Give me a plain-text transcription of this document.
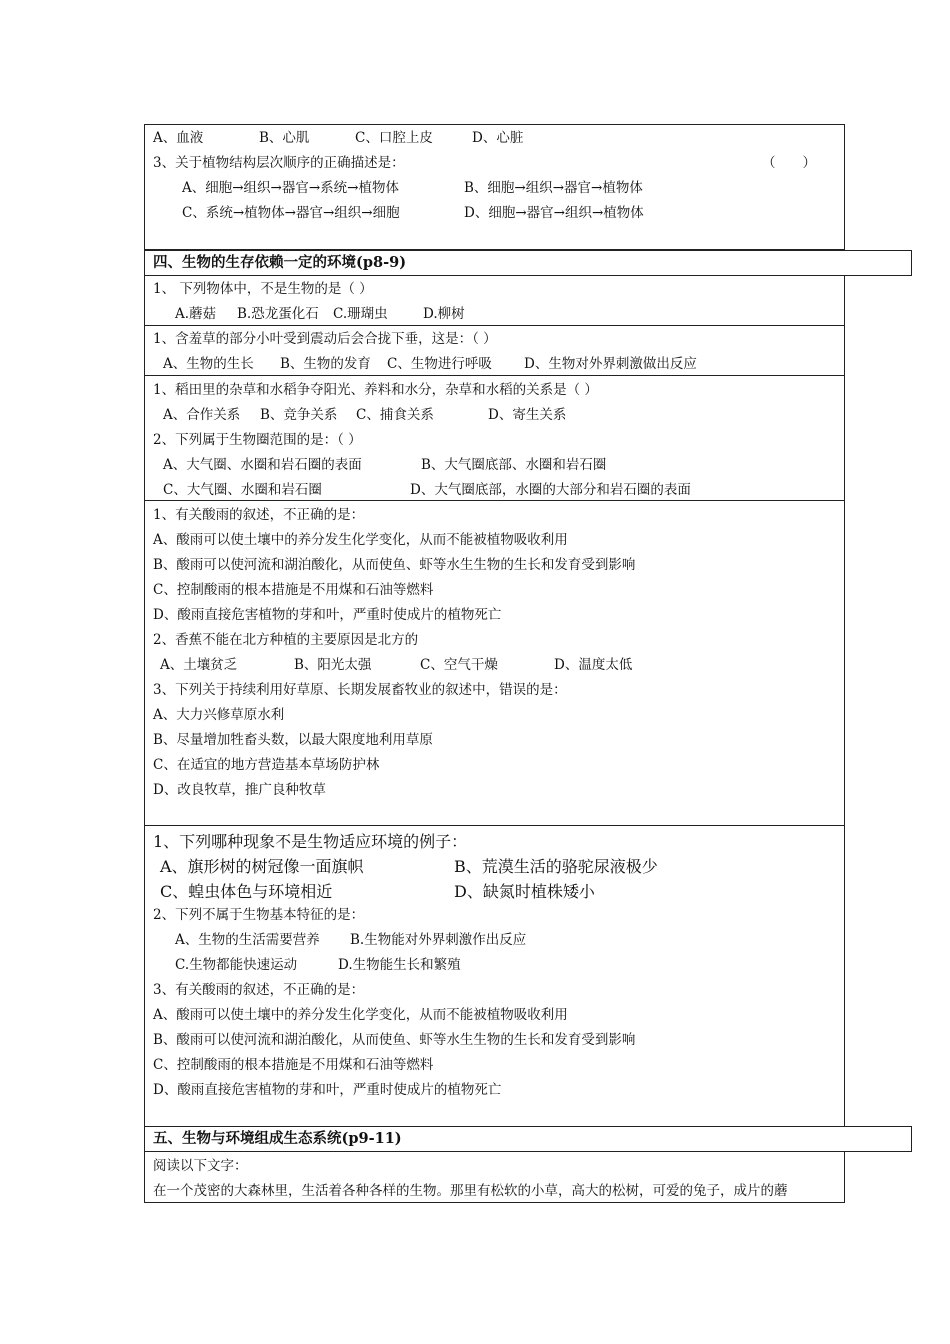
A、血液	B、心肌	C、口腔上皮	D、心脏
3、关于植物结构层次顺序的正确描述是：	（　　）
A、细胞→组织→器官→系统→植物体	B、细胞→组织→器官→植物体
C、系统→植物体→器官→组织→细胞	D、细胞→器官→组织→植物体
四、生物的生存依赖一定的环境(p8-9)
1、 下列物体中，不是生物的是（ ）
A.蘑菇 B.恐龙蛋化石 C.珊瑚虫	D.柳树
1、含羞草的部分小叶受到震动后会合拢下垂，这是：（ ）
A、生物的生长 B、生物的发育 C、生物进行呼吸 D、生物对外界刺激做出反应
1、稻田里的杂草和水稻争夺阳光、养料和水分，杂草和水稻的关系是（ ）
A、合作关系 B、竞争关系 C、捕食关系	D、寄生关系
2、下列属于生物圈范围的是：（ ）
A、大气圈、水圈和岩石圈的表面	B、大气圈底部、水圈和岩石圈
C、大气圈、水圈和岩石圈	D、大气圈底部，水圈的大部分和岩石圈的表面
1、有关酸雨的叙述，不正确的是：
A、酸雨可以使土壤中的养分发生化学变化，从而不能被植物吸收利用
B、酸雨可以使河流和湖泊酸化，从而使鱼、虾等水生生物的生长和发育受到影响
C、控制酸雨的根本措施是不用煤和石油等燃料
D、酸雨直接危害植物的芽和叶，严重时使成片的植物死亡
2、香蕉不能在北方种植的主要原因是北方的
A、土壤贫乏	B、阳光太强	C、空气干燥	D、温度太低
3、下列关于持续利用好草原、长期发展畜牧业的叙述中，错误的是：
A、大力兴修草原水利
B、尽量增加牲畜头数，以最大限度地利用草原
C、在适宜的地方营造基本草场防护林
D、改良牧草，推广良种牧草
1、下列哪种现象不是生物适应环境的例子：
A、旗形树的树冠像一面旗帜	B、荒漠生活的骆驼尿液极少
C、蝗虫体色与环境相近	D、缺氮时植株矮小
2、下列不属于生物基本特征的是：
A、生物的生活需要营养 B.生物能对外界刺激作出反应
C.生物都能快速运动	D.生物能生长和繁殖
3、有关酸雨的叙述，不正确的是：
A、酸雨可以使土壤中的养分发生化学变化，从而不能被植物吸收利用
B、酸雨可以使河流和湖泊酸化，从而使鱼、虾等水生生物的生长和发育受到影响
C、控制酸雨的根本措施是不用煤和石油等燃料
D、酸雨直接危害植物的芽和叶，严重时使成片的植物死亡
五、生物与环境组成生态系统(p9-11)
阅读以下文字：
在一个茂密的大森林里，生活着各种各样的生物。那里有松软的小草，高大的松树，可爱的兔子，成片的蘑
